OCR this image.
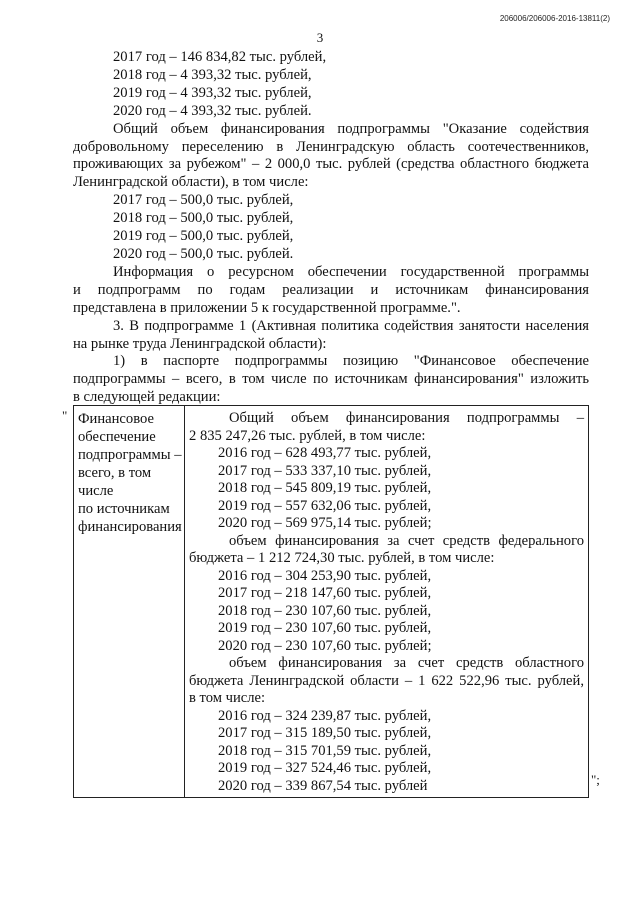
206006/206006-2016-13811(2)
3
2017 год – 146 834,82 тыс. рублей,
2018 год – 4 393,32 тыс. рублей,
2019 год – 4 393,32 тыс. рублей,
2020 год – 4 393,32 тыс. рублей.
Общий объем финансирования подпрограммы "Оказание содействия
добровольному переселению в Ленинградскую область соотечественников,
проживающих за рубежом" – 2 000,0 тыс. рублей (средства областного бюджета
Ленинградской области), в том числе:
2017 год – 500,0 тыс. рублей,
2018 год – 500,0 тыс. рублей,
2019 год – 500,0 тыс. рублей,
2020 год – 500,0 тыс. рублей.
Информация о ресурсном обеспечении государственной программы
и подпрограмм по годам реализации и источникам финансирования
представлена в приложении 5 к государственной программе.".
3. В подпрограмме 1 (Активная политика содействия занятости населения
на рынке труда Ленинградской области):
1) в паспорте подпрограммы позицию "Финансовое обеспечение
подпрограммы – всего, в том числе по источникам финансирования" изложить
в следующей редакции:
"
";
Финансовое
обеспечение
подпрограммы –
всего, в том
числе
по источникам
финансирования

Общий объем финансирования подпрограммы –
2 835 247,26 тыс. рублей, в том числе:
2016 год – 628 493,77 тыс. рублей,
2017 год – 533 337,10 тыс. рублей,
2018 год – 545 809,19 тыс. рублей,
2019 год – 557 632,06 тыс. рублей,
2020 год – 569 975,14 тыс. рублей;
объем финансирования за счет средств федерального
бюджета – 1 212 724,30 тыс. рублей, в том числе:
2016 год – 304 253,90 тыс. рублей,
2017 год – 218 147,60 тыс. рублей,
2018 год – 230 107,60 тыс. рублей,
2019 год – 230 107,60 тыс. рублей,
2020 год – 230 107,60 тыс. рублей;
объем финансирования за счет средств областного
бюджета Ленинградской области – 1 622 522,96 тыс. рублей,
в том числе:
2016 год – 324 239,87 тыс. рублей,
2017 год – 315 189,50 тыс. рублей,
2018 год – 315 701,59 тыс. рублей,
2019 год – 327 524,46 тыс. рублей,
2020 год – 339 867,54 тыс. рублей
